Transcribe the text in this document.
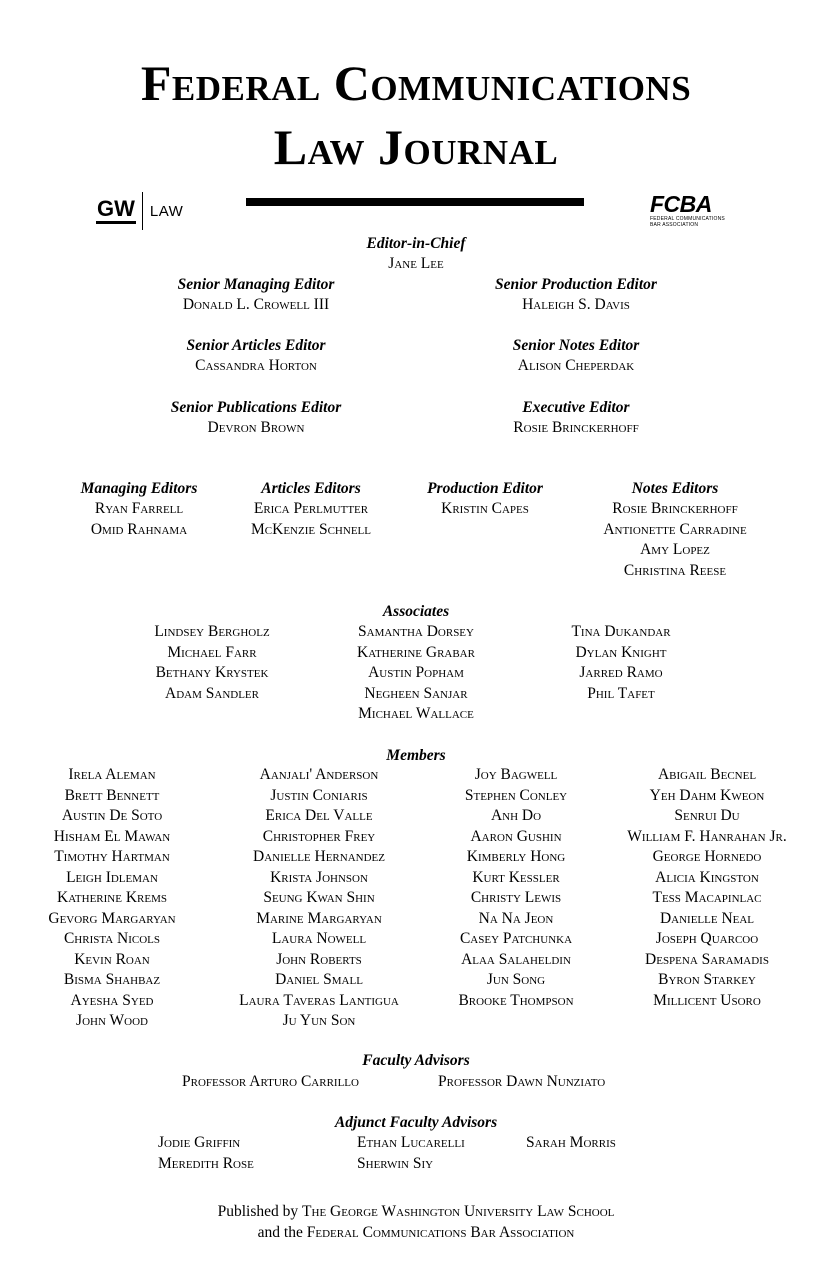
Federal Communications
Law Journal
GW LAW	FCBA
FEDERAL COMMUNICATIONS
BAR ASSOCIATION
Editor-in-Chief
Jane Lee
Senior Managing Editor
Donald L. Crowell III
Senior Production Editor
Haleigh S. Davis
Senior Articles Editor
Cassandra Horton
Senior Notes Editor
Alison Cheperdak
Senior Publications Editor
Devron Brown
Executive Editor
Rosie Brinckerhoff
Managing Editors
Ryan Farrell
Omid Rahnama
Articles Editors
Erica Perlmutter
McKenzie Schnell
Production Editor
Kristin Capes
Notes Editors
Rosie Brinckerhoff
Antionette Carradine
Amy Lopez
Christina Reese
Associates
Lindsey Bergholz
Michael Farr
Bethany Krystek
Adam Sandler
Samantha Dorsey
Katherine Grabar
Austin Popham
Negheen Sanjar
Michael Wallace
Tina Dukandar
Dylan Knight
Jarred Ramo
Phil Tafet
Members
Irela Aleman
Brett Bennett
Austin De Soto
Hisham El Mawan
Timothy Hartman
Leigh Idleman
Katherine Krems
Gevorg Margaryan
Christa Nicols
Kevin Roan
Bisma Shahbaz
Ayesha Syed
John Wood
Aanjali' Anderson
Justin Coniaris
Erica Del Valle
Christopher Frey
Danielle Hernandez
Krista Johnson
Seung Kwan Shin
Marine Margaryan
Laura Nowell
John Roberts
Daniel Small
Laura Taveras Lantigua
Ju Yun Son
Joy Bagwell
Stephen Conley
Anh Do
Aaron Gushin
Kimberly Hong
Kurt Kessler
Christy Lewis
Na Na Jeon
Casey Patchunka
Alaa Salaheldin
Jun Song
Brooke Thompson
Abigail Becnel
Yeh Dahm Kweon
Senrui Du
William F. Hanrahan Jr.
George Hornedo
Alicia Kingston
Tess Macapinlac
Danielle Neal
Joseph Quarcoo
Despena Saramadis
Byron Starkey
Millicent Usoro
Faculty Advisors
Professor Arturo Carrillo	Professor Dawn Nunziato
Adjunct Faculty Advisors
Jodie Griffin
Meredith Rose
Ethan Lucarelli
Sherwin Siy
Sarah Morris
Published by The George Washington University Law School
and the Federal Communications Bar Association
